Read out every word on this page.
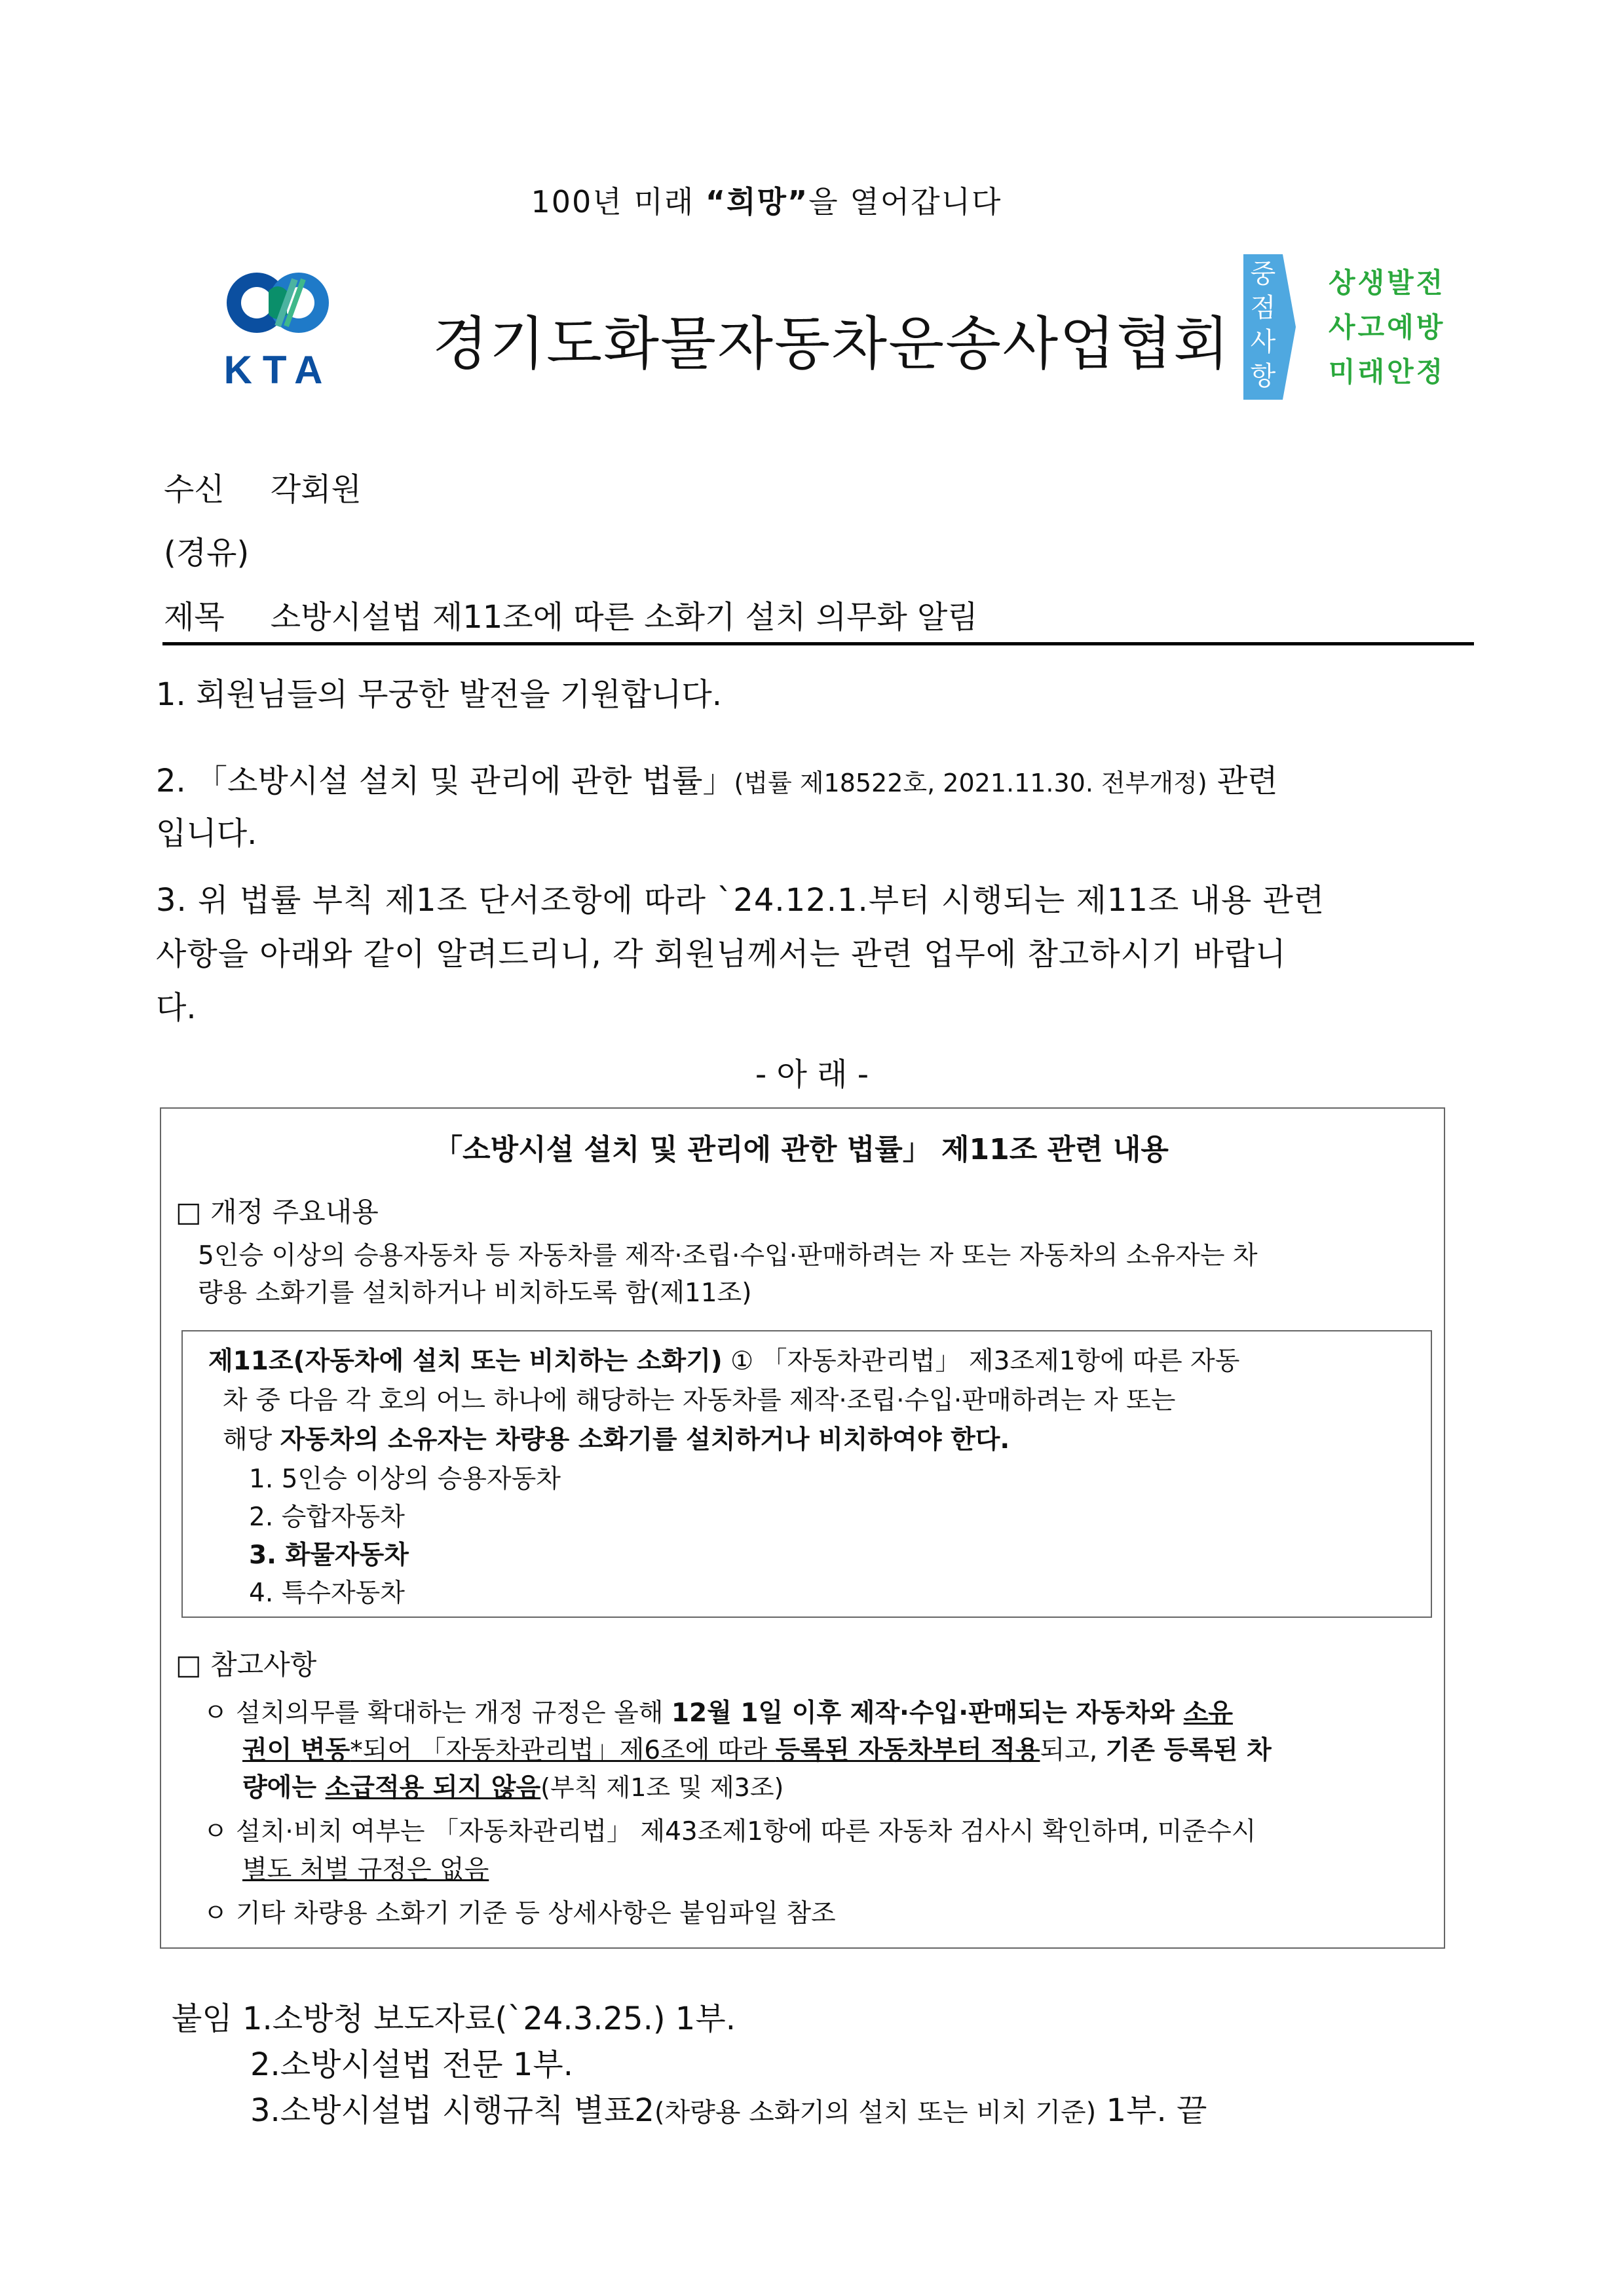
100년 미래 “희망”을 열어갑니다
KTA 경기도화물자동차운송사업협회
중
점
사
항
상생발전
사고예방
미래안정
수신 각회원
(경유)
제목 소방시설법 제11조에 따른 소화기 설치 의무화 알림
1. 회원님들의 무궁한 발전을 기원합니다.
2. 「소방시설 설치 및 관리에 관한 법률」(법률 제18522호, 2021.11.30. 전부개정) 관련
입니다.
3. 위 법률 부칙 제1조 단서조항에 따라 `24.12.1.부터 시행되는 제11조 내용 관련
사항을 아래와 같이 알려드리니, 각 회원님께서는 관련 업무에 참고하시기 바랍니
다.
- 아 래 -
「소방시설 설치 및 관리에 관한 법률」 제11조 관련 내용
□ 개정 주요내용
5인승 이상의 승용자동차 등 자동차를 제작·조립·수입·판매하려는 자 또는 자동차의 소유자는 차
량용 소화기를 설치하거나 비치하도록 함(제11조)
제11조(자동차에 설치 또는 비치하는 소화기) ① 「자동차관리법」 제3조제1항에 따른 자동
차 중 다음 각 호의 어느 하나에 해당하는 자동차를 제작·조립·수입·판매하려는 자 또는
해당 자동차의 소유자는 차량용 소화기를 설치하거나 비치하여야 한다.
1. 5인승 이상의 승용자동차
2. 승합자동차
3. 화물자동차
4. 특수자동차
□ 참고사항
ㅇ 설치의무를 확대하는 개정 규정은 올해 12월 1일 이후 제작·수입·판매되는 자동차와 소유
권이 변동*되어 「자동차관리법」제6조에 따라 등록된 자동차부터 적용되고, 기존 등록된 차
량에는 소급적용 되지 않음(부칙 제1조 및 제3조)
ㅇ 설치·비치 여부는 「자동차관리법」 제43조제1항에 따른 자동차 검사시 확인하며, 미준수시
별도 처벌 규정은 없음
ㅇ 기타 차량용 소화기 기준 등 상세사항은 붙임파일 참조
붙임 1.소방청 보도자료(`24.3.25.) 1부.
2.소방시설법 전문 1부.
3.소방시설법 시행규칙 별표2(차량용 소화기의 설치 또는 비치 기준) 1부. 끝
